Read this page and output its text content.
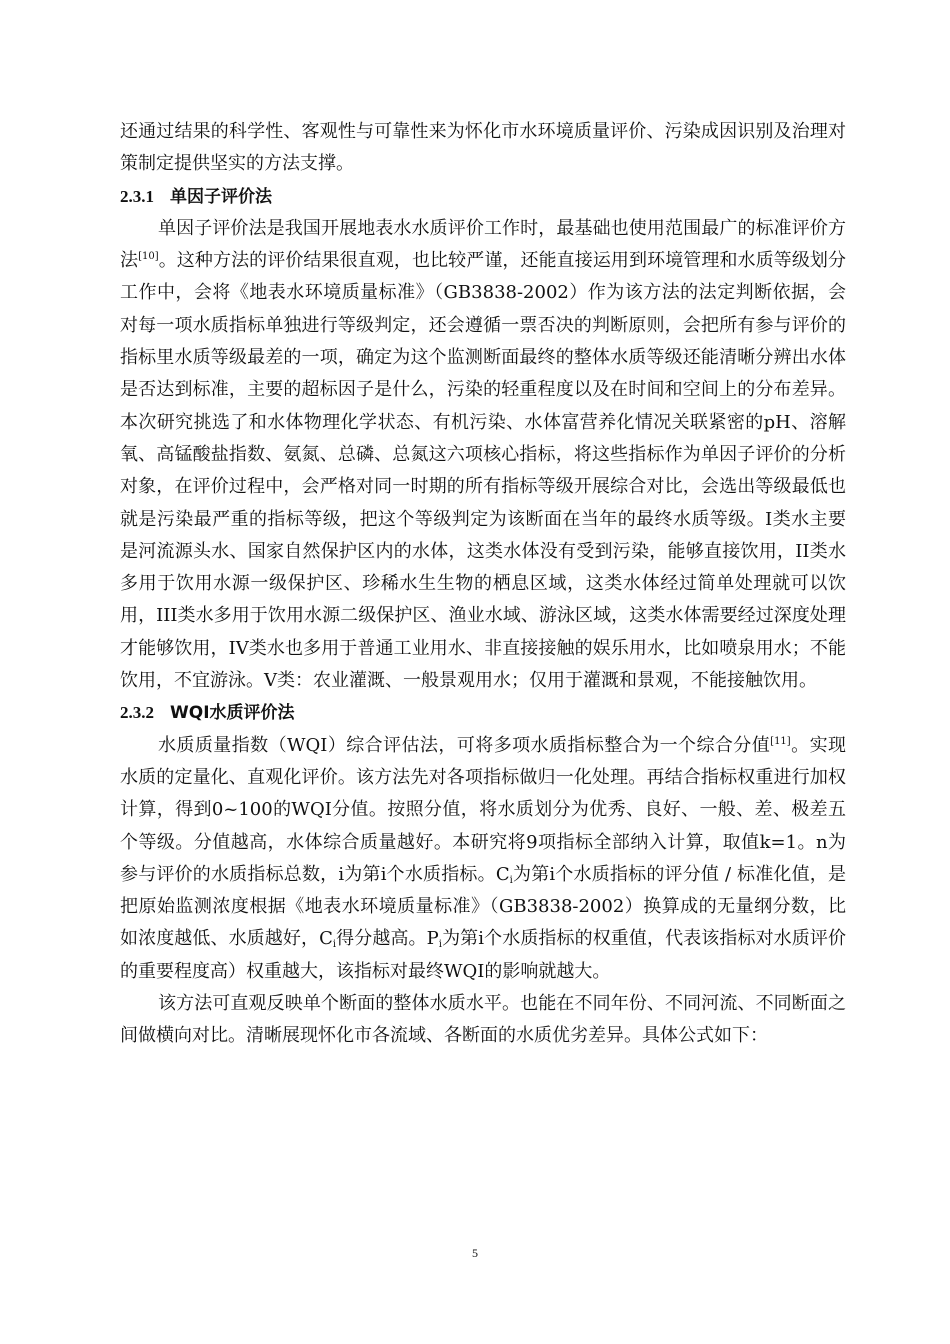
还通过结果的科学性、客观性与可靠性来为怀化市水环境质量评价、污染成因识别及治理对策制定提供坚实的方法支撑。

2.3.1 单因子评价法

单因子评价法是我国开展地表水水质评价工作时，最基础也使用范围最广的标准评价方法[10]。这种方法的评价结果很直观，也比较严谨，还能直接运用到环境管理和水质等级划分工作中，会将《地表水环境质量标准》（GB3838-2002）作为该方法的法定判断依据，会对每一项水质指标单独进行等级判定，还会遵循一票否决的判断原则，会把所有参与评价的指标里水质等级最差的一项，确定为这个监测断面最终的整体水质等级还能清晰分辨出水体是否达到标准，主要的超标因子是什么，污染的轻重程度以及在时间和空间上的分布差异。本次研究挑选了和水体物理化学状态、有机污染、水体富营养化情况关联紧密的pH、溶解氧、高锰酸盐指数、氨氮、总磷、总氮这六项核心指标，将这些指标作为单因子评价的分析对象，在评价过程中，会严格对同一时期的所有指标等级开展综合对比，会选出等级最低也就是污染最严重的指标等级，把这个等级判定为该断面在当年的最终水质等级。I类水主要是河流源头水、国家自然保护区内的水体，这类水体没有受到污染，能够直接饮用，II类水多用于饮用水源一级保护区、珍稀水生生物的栖息区域，这类水体经过简单处理就可以饮用，III类水多用于饮用水源二级保护区、渔业水域、游泳区域，这类水体需要经过深度处理才能够饮用，IV类水也多用于普通工业用水、非直接接触的娱乐用水，比如喷泉用水；不能饮用，不宜游泳。V类：农业灌溉、一般景观用水；仅用于灌溉和景观，不能接触饮用。

2.3.2 WQI水质评价法

水质质量指数（WQI）综合评估法，可将多项水质指标整合为一个综合分值[11]。实现水质的定量化、直观化评价。该方法先对各项指标做归一化处理。再结合指标权重进行加权计算，得到0~100的WQI分值。按照分值，将水质划分为优秀、良好、一般、差、极差五个等级。分值越高，水体综合质量越好。本研究将9项指标全部纳入计算，取值k=1。n为参与评价的水质指标总数，i为第i个水质指标。$C_i$为第i个水质指标的评分值 / 标准化值，是把原始监测浓度根据《地表水环境质量标准》（GB3838-2002）换算成的无量纲分数，比如浓度越低、水质越好，$C_i$得分越高。$P_i$为第i个水质指标的权重值，代表该指标对水质评价的重要程度高）权重越大，该指标对最终WQI的影响就越大。

该方法可直观反映单个断面的整体水质水平。也能在不同年份、不同河流、不同断面之间做横向对比。清晰展现怀化市各流域、各断面的水质优劣差异。具体公式如下：

5
